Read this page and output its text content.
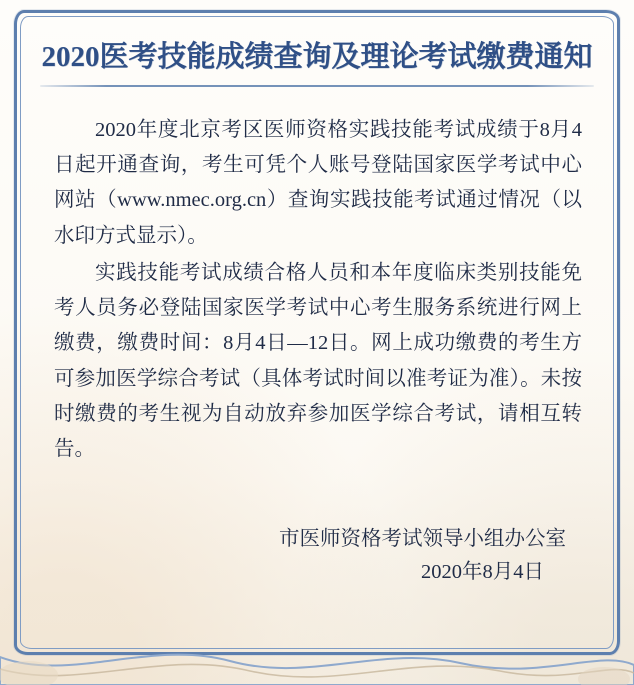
2020医考技能成绩查询及理论考试缴费通知

2020年度北京考区医师资格实践技能考试成绩于8月4日起开通查询，考生可凭个人账号登陆国家医学考试中心网站（www.nmec.org.cn）查询实践技能考试通过情况（以水印方式显示）。

实践技能考试成绩合格人员和本年度临床类别技能免考人员务必登陆国家医学考试中心考生服务系统进行网上缴费，缴费时间：8月4日—12日。网上成功缴费的考生方可参加医学综合考试（具体考试时间以准考证为准）。未按时缴费的考生视为自动放弃参加医学综合考试，请相互转告。

市医师资格考试领导小组办公室
2020年8月4日
